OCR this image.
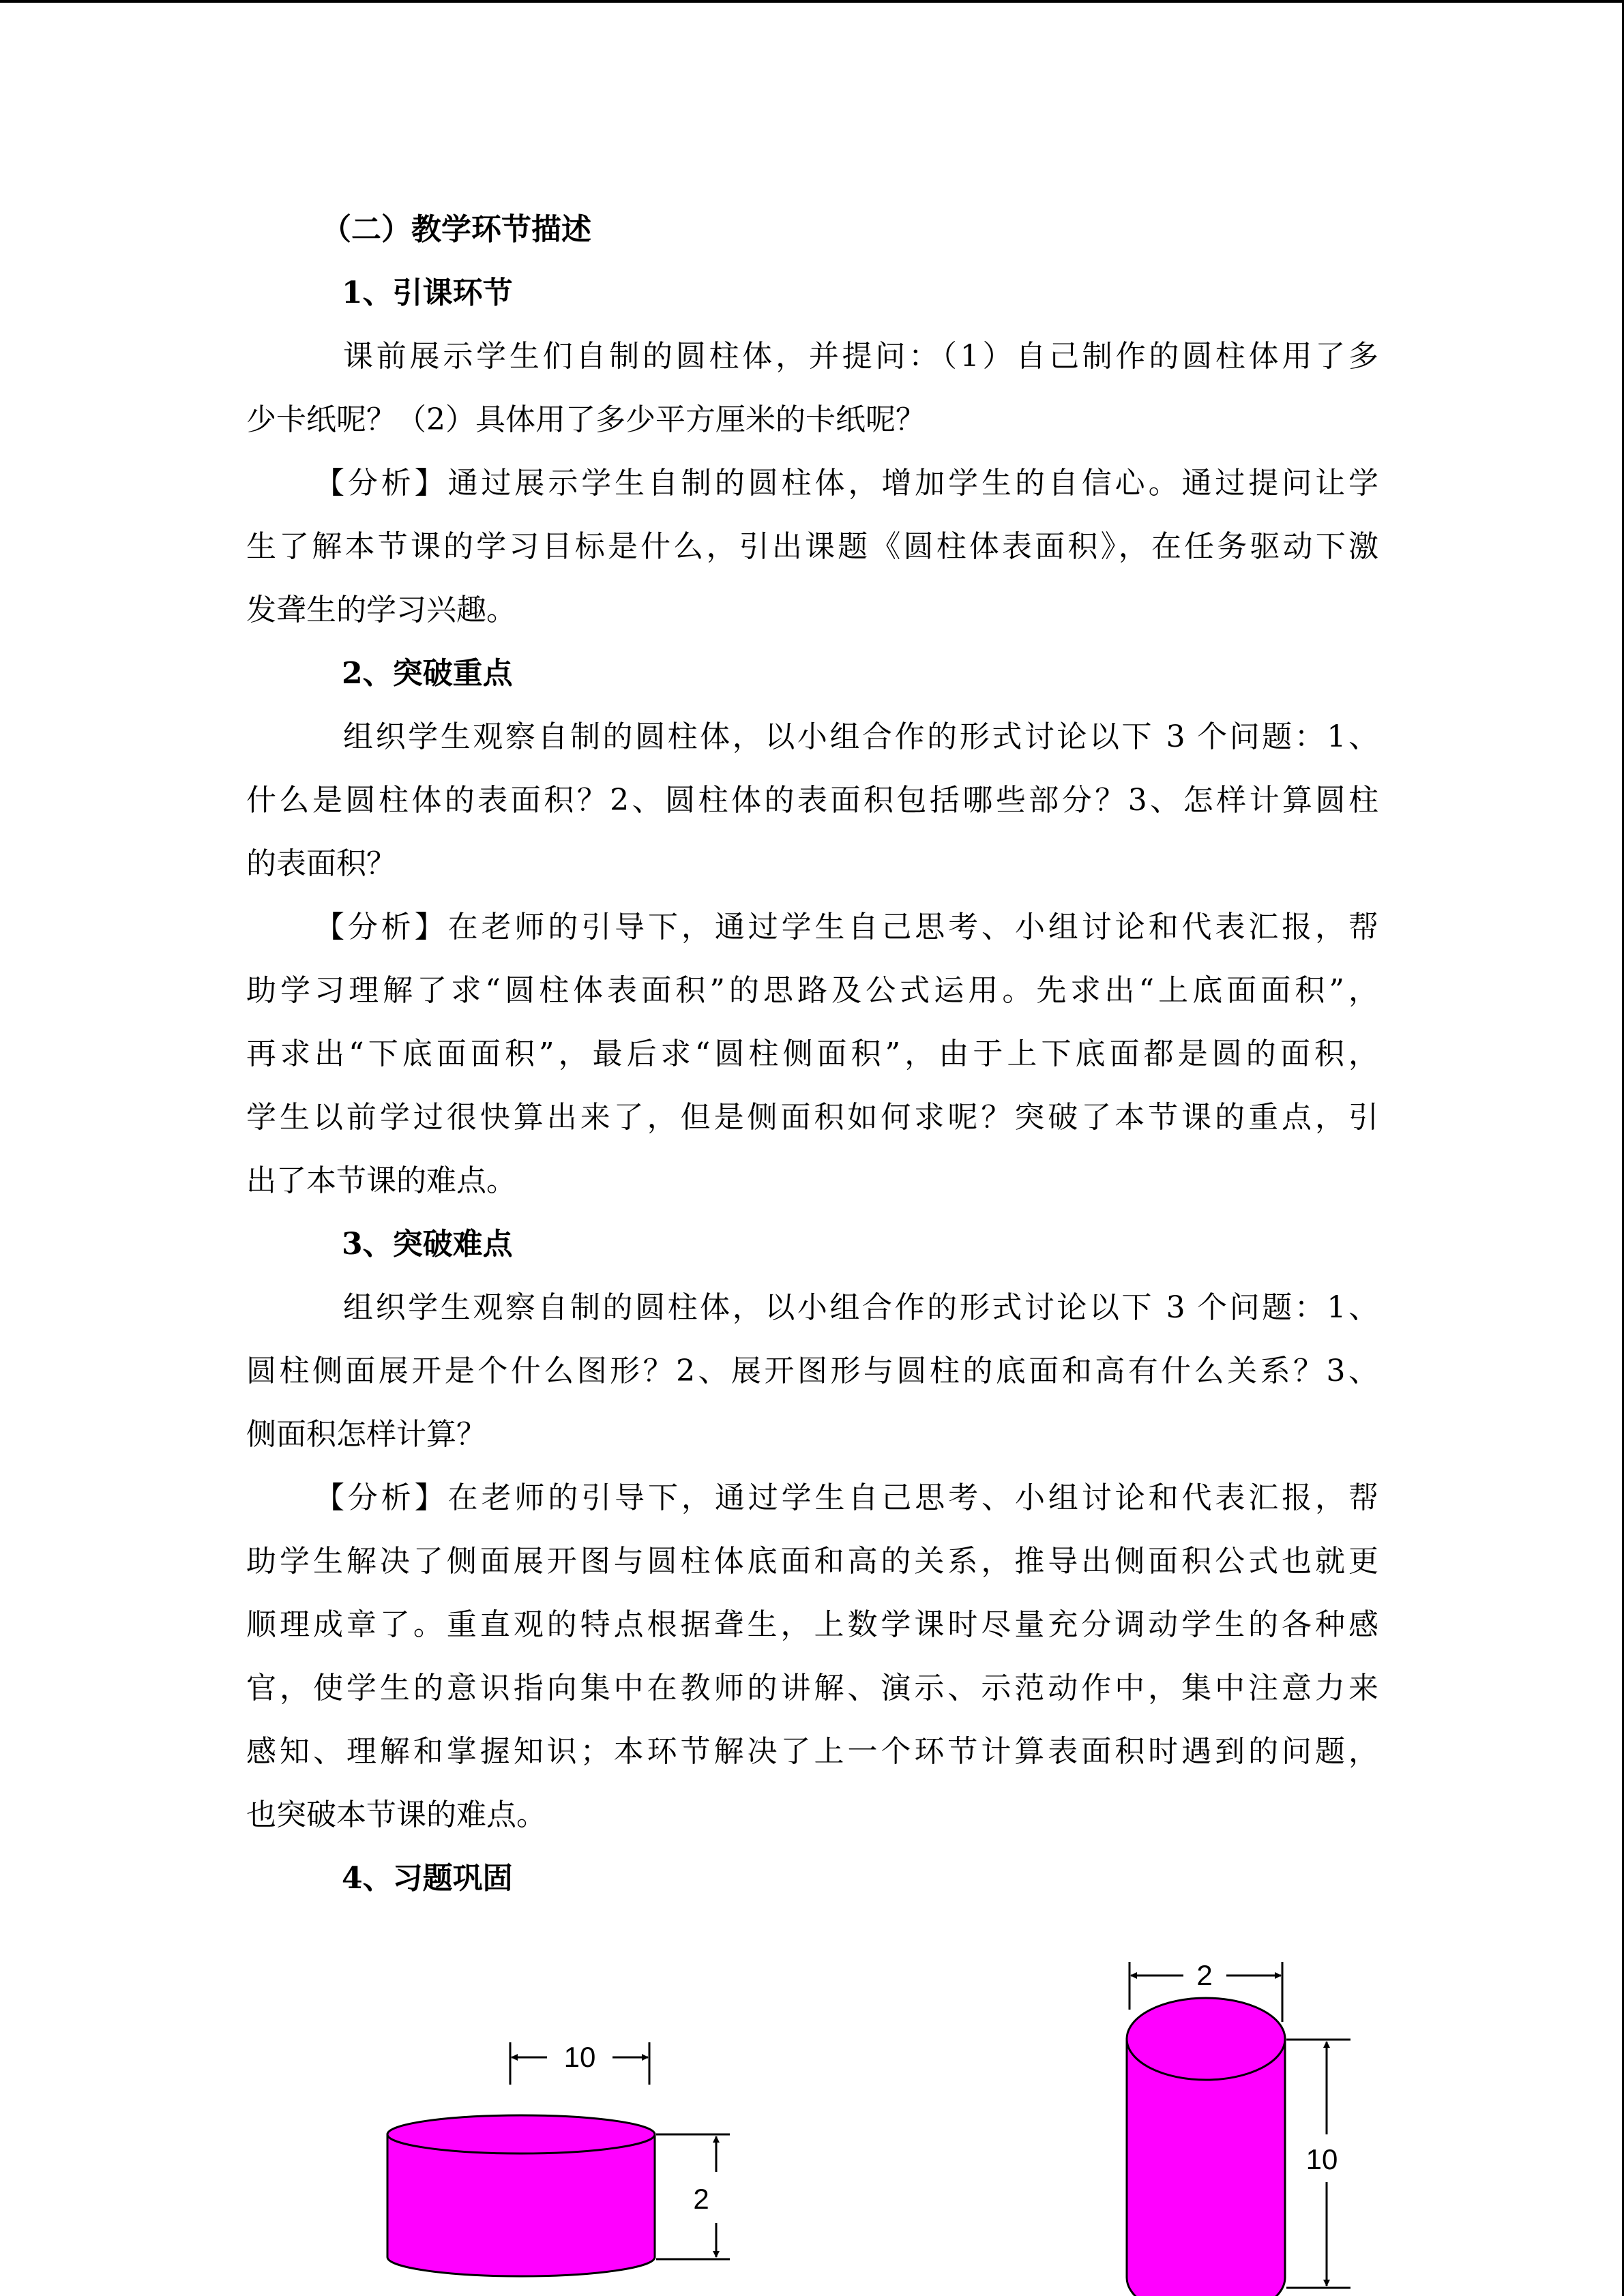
（二）教学环节描述
1、引课环节
课前展示学生们自制的圆柱体，并提问：（1）自己制作的圆柱体用了多
少卡纸呢？（2）具体用了多少平方厘米的卡纸呢？
【分析】通过展示学生自制的圆柱体，增加学生的自信心。通过提问让学
生了解本节课的学习目标是什么，引出课题《圆柱体表面积》，在任务驱动下激
发聋生的学习兴趣。
2、突破重点
组织学生观察自制的圆柱体，以小组合作的形式讨论以下 3 个问题：1、
什么是圆柱体的表面积？2、圆柱体的表面积包括哪些部分？3、怎样计算圆柱
的表面积？
【分析】在老师的引导下，通过学生自己思考、小组讨论和代表汇报，帮
助学习理解了求“圆柱体表面积”的思路及公式运用。先求出“上底面面积”，
再求出“下底面面积”，最后求“圆柱侧面积”，由于上下底面都是圆的面积，
学生以前学过很快算出来了，但是侧面积如何求呢？突破了本节课的重点，引
出了本节课的难点。
3、突破难点
组织学生观察自制的圆柱体，以小组合作的形式讨论以下 3 个问题：1、
圆柱侧面展开是个什么图形？2、展开图形与圆柱的底面和高有什么关系？3、
侧面积怎样计算？
【分析】在老师的引导下，通过学生自己思考、小组讨论和代表汇报，帮
助学生解决了侧面展开图与圆柱体底面和高的关系，推导出侧面积公式也就更
顺理成章了。重直观的特点根据聋生，上数学课时尽量充分调动学生的各种感
官，使学生的意识指向集中在教师的讲解、演示、示范动作中，集中注意力来
感知、理解和掌握知识；本环节解决了上一个环节计算表面积时遇到的问题，
也突破本节课的难点。
4、习题巩固
10
2
2
10
